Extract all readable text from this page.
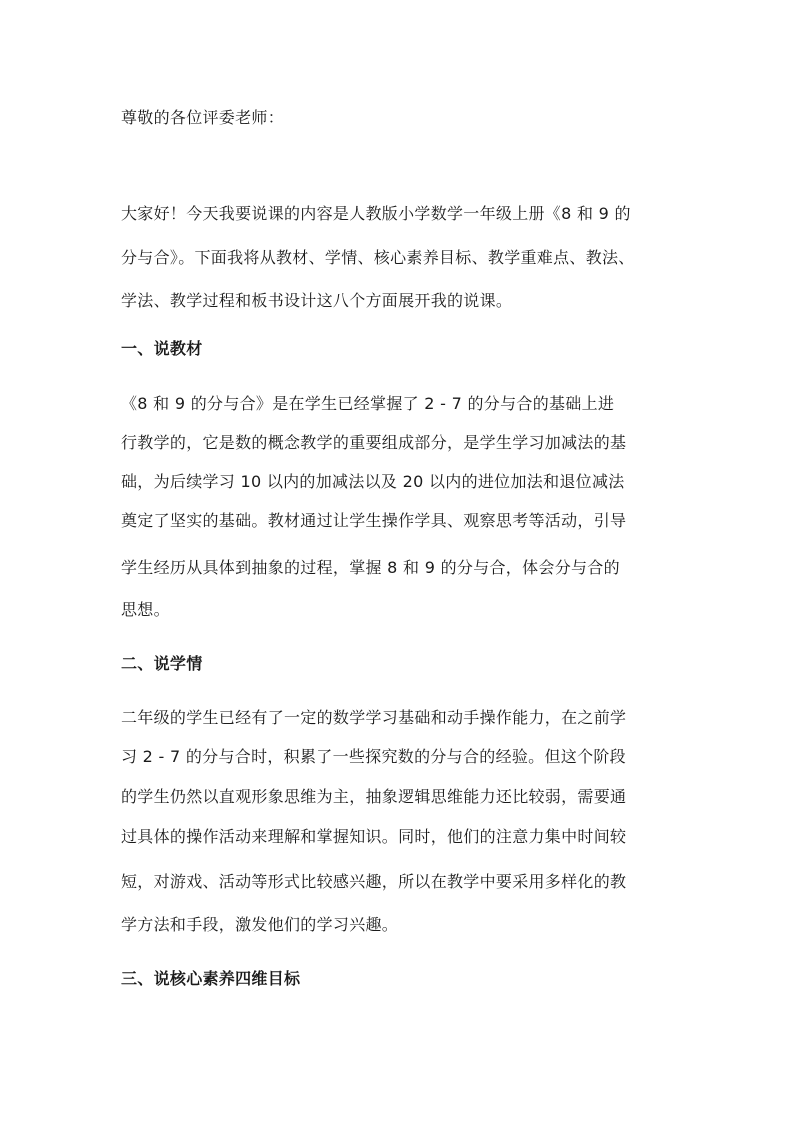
尊敬的各位评委老师：
大家好！今天我要说课的内容是人教版小学数学一年级上册《8 和 9 的
分与合》。下面我将从教材、学情、核心素养目标、教学重难点、教法、
学法、教学过程和板书设计这八个方面展开我的说课。
一、说教材
《8 和 9 的分与合》是在学生已经掌握了 2 - 7 的分与合的基础上进
行教学的，它是数的概念教学的重要组成部分，是学生学习加减法的基
础，为后续学习 10 以内的加减法以及 20 以内的进位加法和退位减法
奠定了坚实的基础。教材通过让学生操作学具、观察思考等活动，引导
学生经历从具体到抽象的过程，掌握 8 和 9 的分与合，体会分与合的
思想。
二、说学情
二年级的学生已经有了一定的数学学习基础和动手操作能力，在之前学
习 2 - 7 的分与合时，积累了一些探究数的分与合的经验。但这个阶段
的学生仍然以直观形象思维为主，抽象逻辑思维能力还比较弱，需要通
过具体的操作活动来理解和掌握知识。同时，他们的注意力集中时间较
短，对游戏、活动等形式比较感兴趣，所以在教学中要采用多样化的教
学方法和手段，激发他们的学习兴趣。
三、说核心素养四维目标
